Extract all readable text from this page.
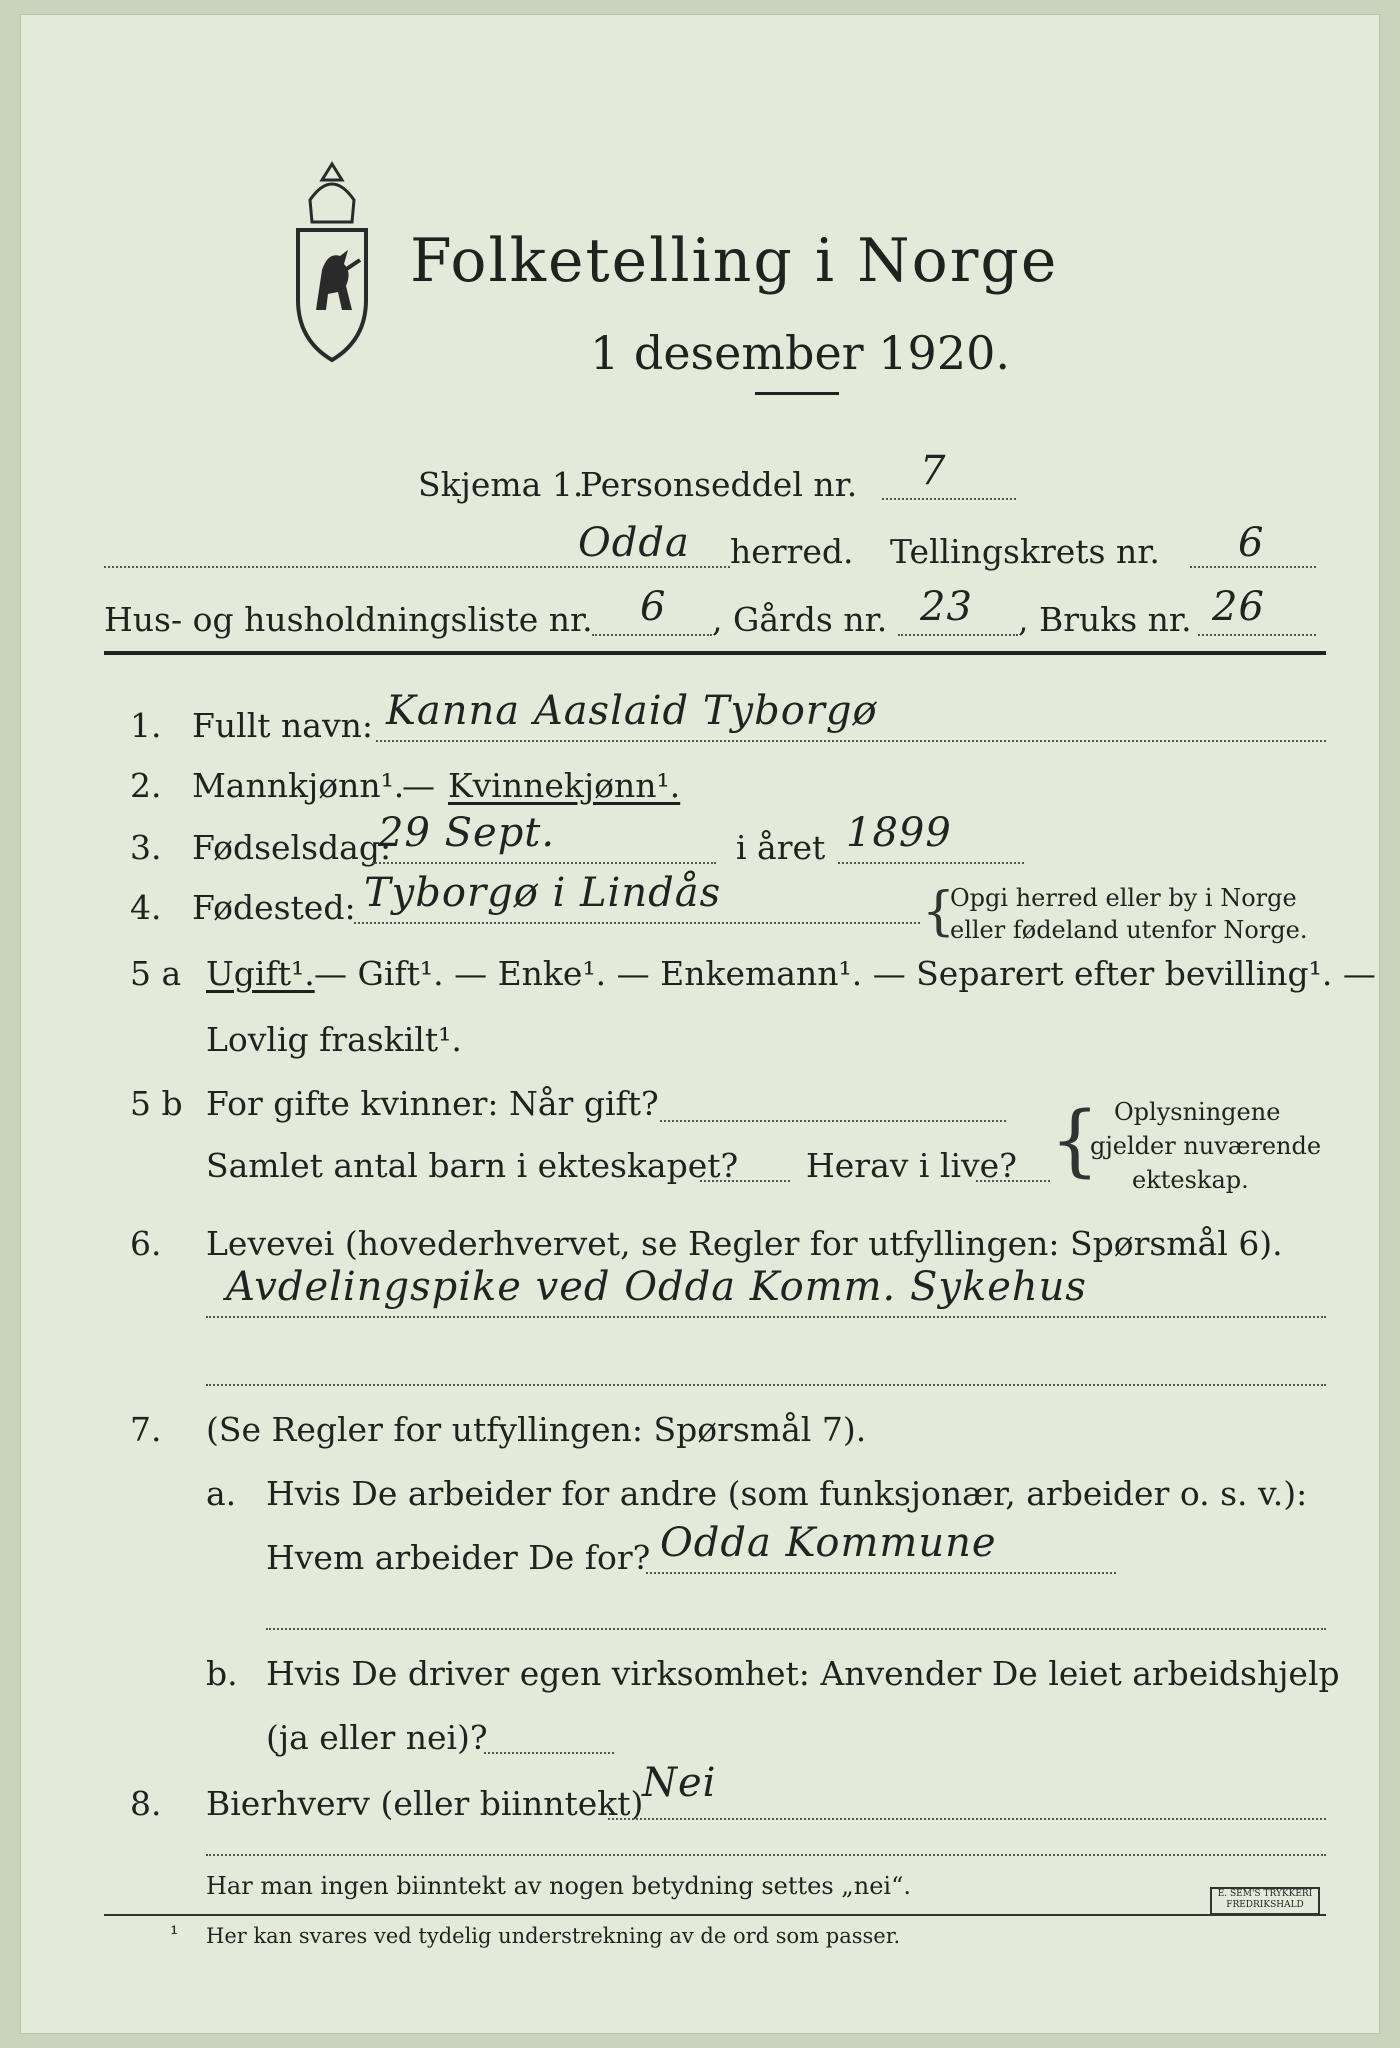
Folketelling i Norge
1 desember 1920.
Skjema 1.
Personseddel nr. 7
Odda herred. Tellingskrets nr. 6
Hus- og husholdningsliste nr. 6 , Gårds nr. 23 , Bruks nr. 26
1. Fullt navn: Kanna Aaslaid Tyborgø
2. Mannkjønn¹.
— Kvinnekjønn¹.
3. Fødselsdag:
29 Sept.	i året 1899
4. Fødested: Tyborgø i Lindås	{
Opgi herred eller by i Norge
eller fødeland utenfor Norge.
5 a Ugift¹. — Gift¹. — Enke¹. — Enkemann¹. — Separert efter bevilling¹. —
Lovlig fraskilt¹.
5 b For gifte kvinner: Når gift?
Samlet antal barn i ekteskapet? Herav i live? { Oplysningene
gjelder nuværende
ekteskap.
6. Levevei (hovederhvervet, se Regler for utfyllingen: Spørsmål 6).
Avdelingspike ved Odda Komm. Sykehus
7. (Se Regler for utfyllingen: Spørsmål 7).
a. Hvis De arbeider for andre (som funksjonær, arbeider o. s. v.):
Hvem arbeider De for? Odda Kommune
b. Hvis De driver egen virksomhet: Anvender De leiet arbeidshjelp
(ja eller nei)?
8. Bierhverv (eller biinntekt)
Nei
Har man ingen biinntekt av nogen betydning settes „nei“.
¹ Her kan svares ved tydelig understrekning av de ord som passer.
E. SEM'S TRYKKERI FREDRIKSHALD
